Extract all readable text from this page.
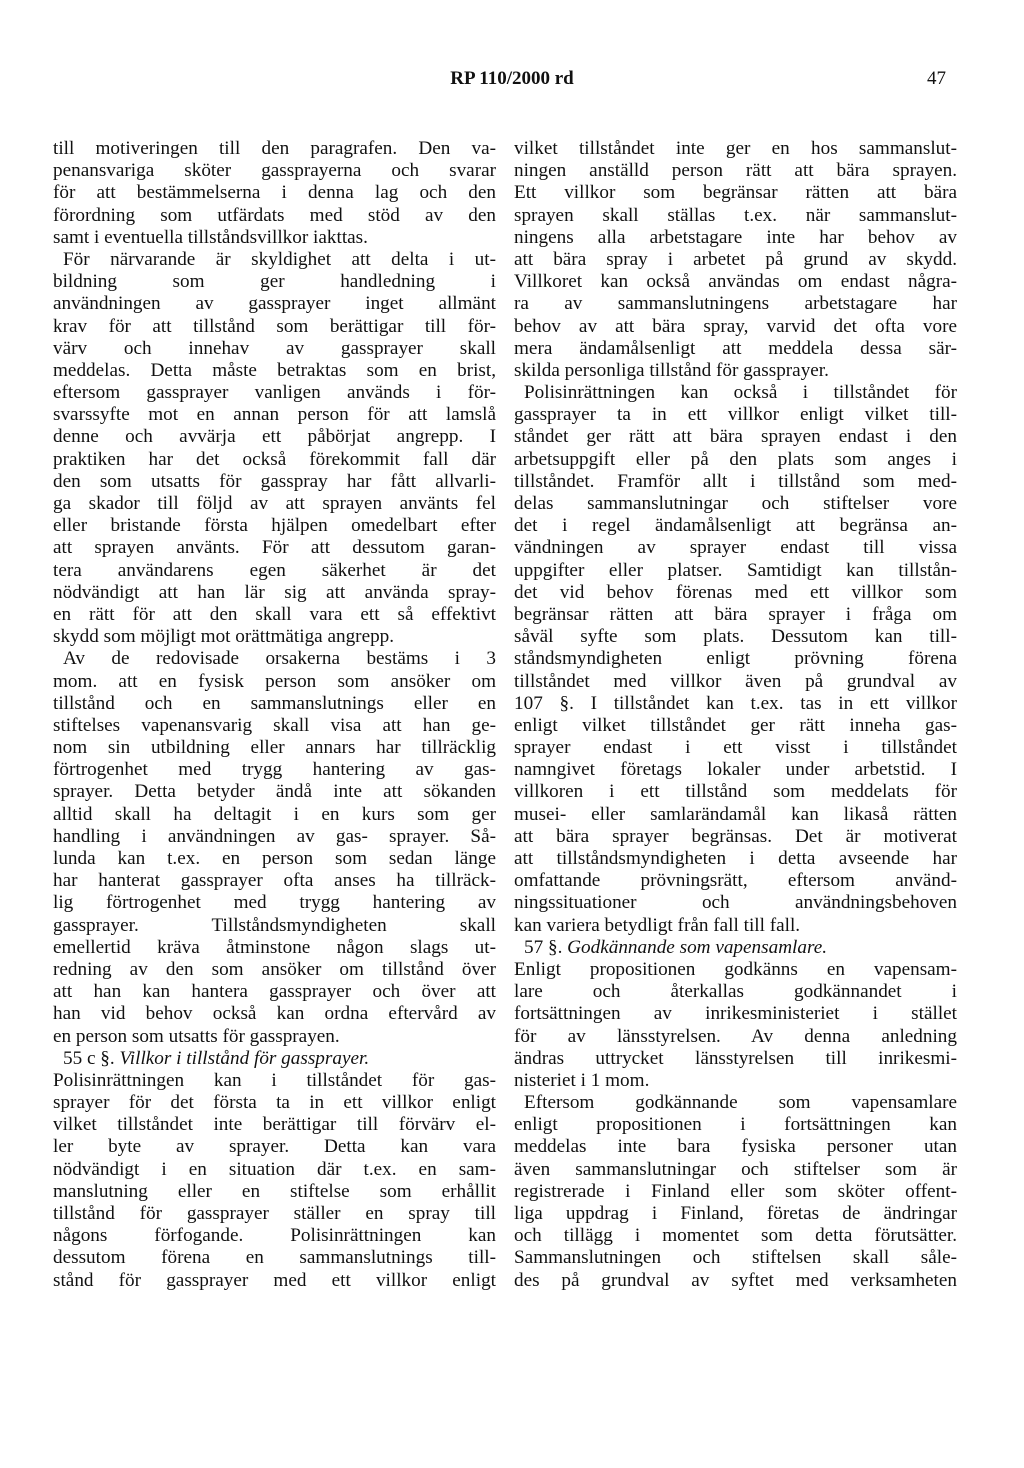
RP 110/2000 rd	47
till motiveringen till den paragrafen. Den va-
penansvariga sköter gassprayerna och svarar
för att bestämmelserna i denna lag och den
förordning som utfärdats med stöd av den
samt i eventuella tillståndsvillkor iakttas.
För närvarande är skyldighet att delta i ut-
bildning som ger handledning i
användningen av gassprayer inget allmänt
krav för att tillstånd som berättigar till för-
värv och innehav av gassprayer skall
meddelas. Detta måste betraktas som en brist,
eftersom gassprayer vanligen används i för-
svarssyfte mot en annan person för att lamslå
denne och avvärja ett påbörjat angrepp. I
praktiken har det också förekommit fall där
den som utsatts för gasspray har fått allvarli-
ga skador till följd av att sprayen använts fel
eller bristande första hjälpen omedelbart efter
att sprayen använts. För att dessutom garan-
tera användarens egen säkerhet är det
nödvändigt att han lär sig att använda spray-
en rätt för att den skall vara ett så effektivt
skydd som möjligt mot orättmätiga angrepp.
Av de redovisade orsakerna bestäms i 3
mom. att en fysisk person som ansöker om
tillstånd och en sammanslutnings eller en
stiftelses vapenansvarig skall visa att han ge-
nom sin utbildning eller annars har tillräcklig
förtrogenhet med trygg hantering av gas-
sprayer. Detta betyder ändå inte att sökanden
alltid skall ha deltagit i en kurs som ger
handling i användningen av gas- sprayer. Så-
lunda kan t.ex. en person som sedan länge
har hanterat gassprayer ofta anses ha tillräck-
lig förtrogenhet med trygg hantering av
gassprayer. Tillståndsmyndigheten skall
emellertid kräva åtminstone någon slags ut-
redning av den som ansöker om tillstånd över
att han kan hantera gassprayer och över att
han vid behov också kan ordna eftervård av
en person som utsatts för gassprayen.
55 c §. Villkor i tillstånd för gassprayer.
Polisinrättningen kan i tillståndet för gas-
sprayer för det första ta in ett villkor enligt
vilket tillståndet inte berättigar till förvärv el-
ler byte av sprayer. Detta kan vara
nödvändigt i en situation där t.ex. en sam-
manslutning eller en stiftelse som erhållit
tillstånd för gassprayer ställer en spray till
någons förfogande. Polisinrättningen kan
dessutom förena en sammanslutnings till-
stånd för gassprayer med ett villkor enligt
vilket tillståndet inte ger en hos sammanslut-
ningen anställd person rätt att bära sprayen.
Ett villkor som begränsar rätten att bära
sprayen skall ställas t.ex. när sammanslut-
ningens alla arbetstagare inte har behov av
att bära spray i arbetet på grund av skydd.
Villkoret kan också användas om endast några-
ra av sammanslutningens arbetstagare har
behov av att bära spray, varvid det ofta vore
mera ändamålsenligt att meddela dessa sär-
skilda personliga tillstånd för gassprayer.
Polisinrättningen kan också i tillståndet för
gassprayer ta in ett villkor enligt vilket till-
ståndet ger rätt att bära sprayen endast i den
arbetsuppgift eller på den plats som anges i
tillståndet. Framför allt i tillstånd som med-
delas sammanslutningar och stiftelser vore
det i regel ändamålsenligt att begränsa an-
vändningen av sprayer endast till vissa
uppgifter eller platser. Samtidigt kan tillstån-
det vid behov förenas med ett villkor som
begränsar rätten att bära sprayer i fråga om
såväl syfte som plats. Dessutom kan till-
ståndsmyndigheten enligt prövning förena
tillståndet med villkor även på grundval av
107 §. I tillståndet kan t.ex. tas in ett villkor
enligt vilket tillståndet ger rätt inneha gas-
sprayer endast i ett visst i tillståndet
namngivet företags lokaler under arbetstid. I
villkoren i ett tillstånd som meddelats för
musei- eller samlarändamål kan likaså rätten
att bära sprayer begränsas. Det är motiverat
att tillståndsmyndigheten i detta avseende har
omfattande prövningsrätt, eftersom använd-
ningssituationer och användningsbehoven
kan variera betydligt från fall till fall.
57 §. Godkännande som vapensamlare.
Enligt propositionen godkänns en vapensam-
lare och återkallas godkännandet i
fortsättningen av inrikesministeriet i stället
för av länsstyrelsen. Av denna anledning
ändras uttrycket länsstyrelsen till inrikesmi-
nisteriet i 1 mom.
Eftersom godkännande som vapensamlare
enligt propositionen i fortsättningen kan
meddelas inte bara fysiska personer utan
även sammanslutningar och stiftelser som är
registrerade i Finland eller som sköter offent-
liga uppdrag i Finland, företas de ändringar
och tillägg i momentet som detta förutsätter.
Sammanslutningen och stiftelsen skall såle-
des på grundval av syftet med verksamheten
